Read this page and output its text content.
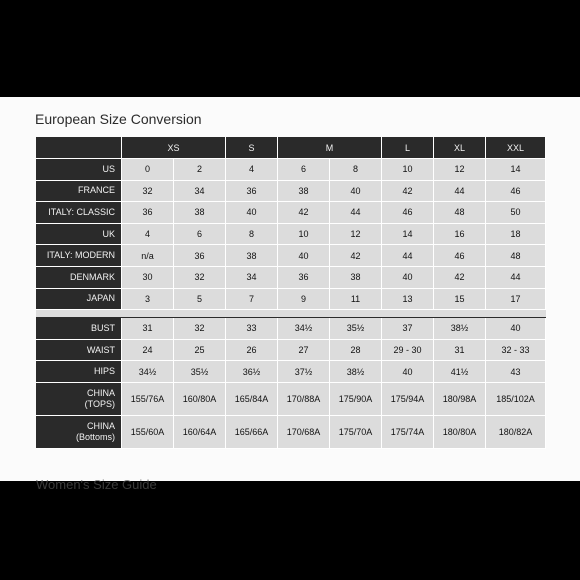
European Size Conversion
	XS		S	M		L	XL	XXL
US	0	2	4	6	8	10	12	14
FRANCE	32	34	36	38	40	42	44	46
ITALY: CLASSIC	36	38	40	42	44	46	48	50
UK	4	6	8	10	12	14	16	18
ITALY: MODERN	n/a	36	38	40	42	44	46	48
DENMARK	30	32	34	36	38	40	42	44
JAPAN	3	5	7	9	11	13	15	17

BUST	31	32	33	34½	35½	37	38½	40
WAIST	24	25	26	27	28	29 - 30	31	32 - 33
HIPS	34½	35½	36½	37½	38½	40	41½	43

CHINA
(TOPS)	155/76A	160/80A	165/84A	170/88A	175/90A	175/94A	180/98A	185/102A

CHINA
(Bottoms)	155/60A	160/64A	165/66A	170/68A	175/70A	175/74A	180/80A	180/82A
Women's Size Guide
